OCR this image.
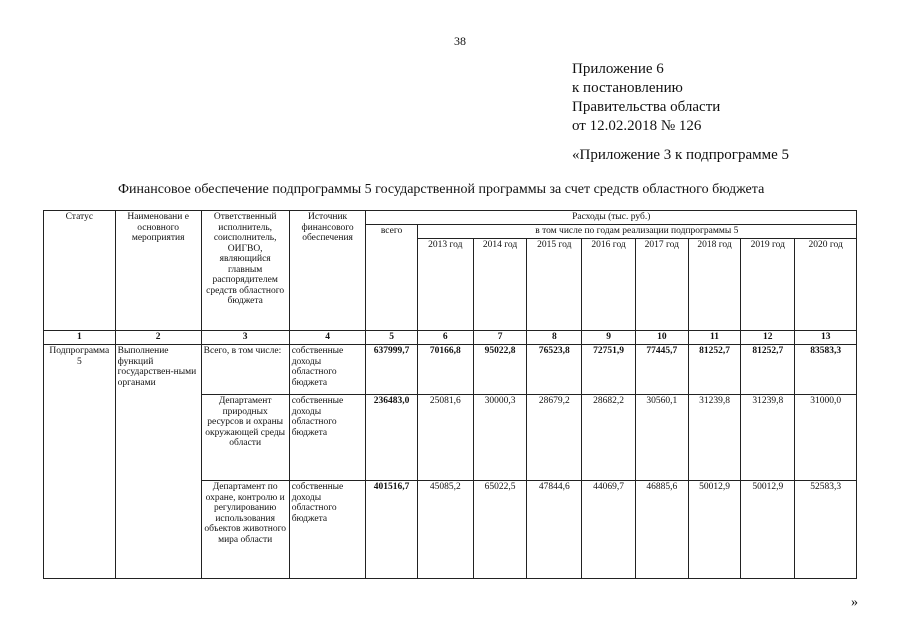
38
Приложение 6
к постановлению
Правительства области
от 12.02.2018 № 126
«Приложение 3 к подпрограмме 5
Финансовое обеспечение подпрограммы 5 государственной программы за счет средств областного бюджета
Статус	Наименовани е основного мероприятия	Ответственный исполнитель, соисполнитель, ОИГВО, являющийся главным распорядителем средств областного бюджета	Источник финансового обеспечения	Расходы (тыс. руб.)								
				всего	в том числе по годам реализации подпрограммы 5							
					2013 год	2014 год	2015 год	2016 год	2017 год	2018 год	2019 год	2020 год
1	2	3	4	5	6	7	8	9	10	11	12	13
Подпрограмма 5	Выполнение функций государствен-ными органами	Всего, в том числе:	собственные доходы областного бюджета	637999,7	70166,8	95022,8	76523,8	72751,9	77445,7	81252,7	81252,7	83583,3
		Департамент природных ресурсов и охраны окружающей среды области	собственные доходы областного бюджета	236483,0	25081,6	30000,3	28679,2	28682,2	30560,1	31239,8	31239,8	31000,0
		Департамент по охране, контролю и регулированию использования объектов животного мира области	собственные доходы областного бюджета	401516,7	45085,2	65022,5	47844,6	44069,7	46885,6	50012,9	50012,9	52583,3
»
